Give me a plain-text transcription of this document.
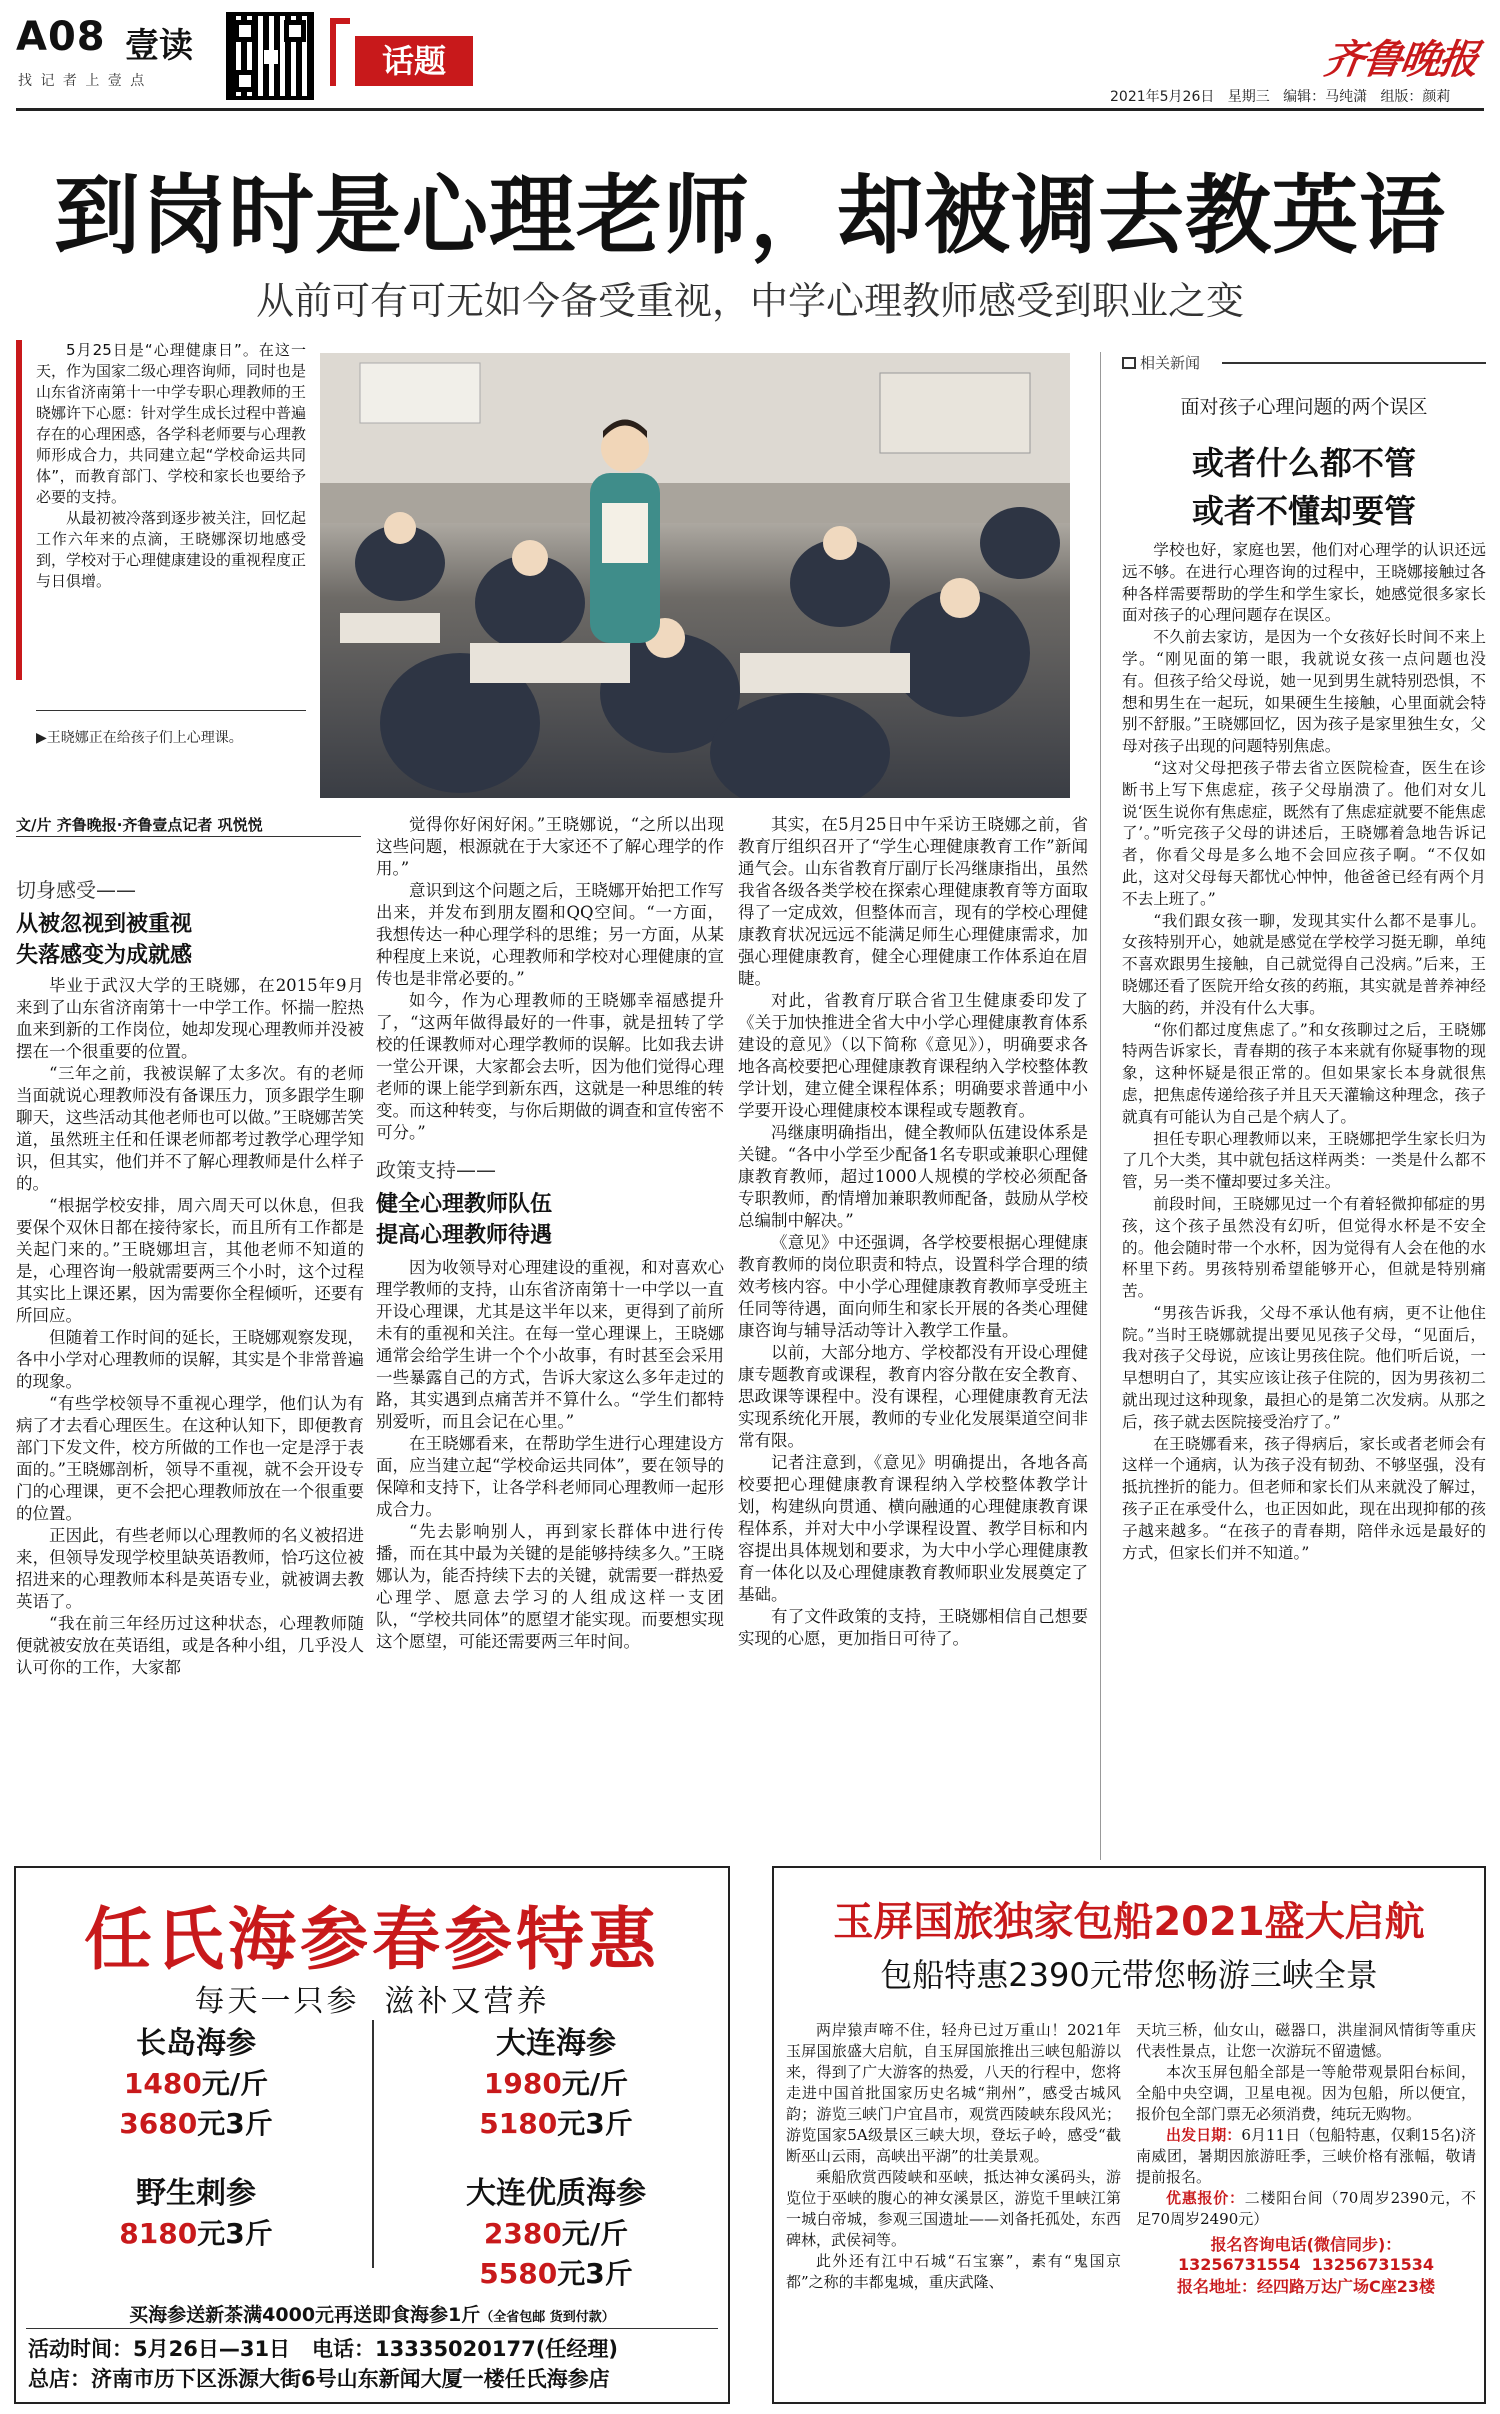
A08 壹读
找 记 者 上 壹 点
话题	齐鲁晚报
2021年5月26日 星期三 编辑：马纯潇 组版：颜莉
到岗时是心理老师，却被调去教英语
从前可有可无如今备受重视，中学心理教师感受到职业之变

5月25日是“心理健康日”。在这一天，作为国家二级心理咨询师，同时也是山东省济南第十一中学专职心理教师的王晓娜许下心愿：针对学生成长过程中普遍存在的心理困惑，各学科老师要与心理教师形成合力，共同建立起“学校命运共同体”，而教育部门、学校和家长也要给予必要的支持。

从最初被冷落到逐步被关注，回忆起工作六年来的点滴，王晓娜深切地感受到，学校对于心理健康建设的重视程度正与日俱增。

▶王晓娜正在给孩子们上心理课。
相关新闻
面对孩子心理问题的两个误区
或者什么都不管
或者不懂却要管

学校也好，家庭也罢，他们对心理学的认识还远远不够。在进行心理咨询的过程中，王晓娜接触过各种各样需要帮助的学生和学生家长，她感觉很多家长面对孩子的心理问题存在误区。

不久前去家访，是因为一个女孩好长时间不来上学。“刚见面的第一眼，我就说女孩一点问题也没有。但孩子给父母说，她一见到男生就特别恐惧，不想和男生在一起玩，如果硬生生接触，心里面就会特别不舒服。”王晓娜回忆，因为孩子是家里独生女，父母对孩子出现的问题特别焦虑。

“这对父母把孩子带去省立医院检查，医生在诊断书上写下焦虑症，孩子父母崩溃了。他们对女儿说‘医生说你有焦虑症，既然有了焦虑症就要不能焦虑了’。”听完孩子父母的讲述后，王晓娜着急地告诉记者，你看父母是多么地不会回应孩子啊。“不仅如此，这对父母每天都忧心忡忡，他爸爸已经有两个月不去上班了。”

“我们跟女孩一聊，发现其实什么都不是事儿。女孩特别开心，她就是感觉在学校学习挺无聊，单纯不喜欢跟男生接触，自己就觉得自己没病。”后来，王晓娜还看了医院开给女孩的药瓶，其实就是普养神经大脑的药，并没有什么大事。

“你们都过度焦虑了。”和女孩聊过之后，王晓娜特两告诉家长，青春期的孩子本来就有你疑事物的现象，这种怀疑是很正常的。但如果家长本身就很焦虑，把焦虑传递给孩子并且天天灌输这种理念，孩子就真有可能认为自己是个病人了。

担任专职心理教师以来，王晓娜把学生家长归为了几个大类，其中就包括这样两类：一类是什么都不管，另一类不懂却要过多关注。

前段时间，王晓娜见过一个有着轻微抑郁症的男孩，这个孩子虽然没有幻听，但觉得水杯是不安全的。他会随时带一个水杯，因为觉得有人会在他的水杯里下药。男孩特别希望能够开心，但就是特别痛苦。

“男孩告诉我，父母不承认他有病，更不让他住院。”当时王晓娜就提出要见见孩子父母，“见面后，我对孩子父母说，应该让男孩住院。他们听后说，一早想明白了，其实应该让孩子住院的，因为男孩初二就出现过这种现象，最担心的是第二次发病。从那之后，孩子就去医院接受治疗了。”

在王晓娜看来，孩子得病后，家长或者老师会有这样一个通病，认为孩子没有韧劲、不够坚强，没有抵抗挫折的能力。但老师和家长们从来就没了解过，孩子正在承受什么，也正因如此，现在出现抑郁的孩子越来越多。“在孩子的青春期，陪伴永远是最好的方式，但家长们并不知道。”

文/片 齐鲁晚报·齐鲁壹点记者 巩悦悦
切身感受——
从被忽视到被重视
失落感变为成就感

毕业于武汉大学的王晓娜，在2015年9月来到了山东省济南第十一中学工作。怀揣一腔热血来到新的工作岗位，她却发现心理教师并没被摆在一个很重要的位置。

“三年之前，我被误解了太多次。有的老师当面就说心理教师没有备课压力，顶多跟学生聊聊天，这些活动其他老师也可以做。”王晓娜苦笑道，虽然班主任和任课老师都考过教学心理学知识，但其实，他们并不了解心理教师是什么样子的。

“根据学校安排，周六周天可以休息，但我要保个双休日都在接待家长，而且所有工作都是关起门来的。”王晓娜坦言，其他老师不知道的是，心理咨询一般就需要两三个小时，这个过程其实比上课还累，因为需要你全程倾听，还要有所回应。

但随着工作时间的延长，王晓娜观察发现，各中小学对心理教师的误解，其实是个非常普遍的现象。

“有些学校领导不重视心理学，他们认为有病了才去看心理医生。在这种认知下，即便教育部门下发文件，校方所做的工作也一定是浮于表面的。”王晓娜剖析，领导不重视，就不会开设专门的心理课，更不会把心理教师放在一个很重要的位置。

正因此，有些老师以心理教师的名义被招进来，但领导发现学校里缺英语教师，恰巧这位被招进来的心理教师本科是英语专业，就被调去教英语了。

“我在前三年经历过这种状态，心理教师随便就被安放在英语组，或是各种小组，几乎没人认可你的工作，大家都

觉得你好闲好闲。”王晓娜说，“之所以出现这些问题，根源就在于大家还不了解心理学的作用。”

意识到这个问题之后，王晓娜开始把工作写出来，并发布到朋友圈和QQ空间。“一方面，我想传达一种心理学科的思维；另一方面，从某种程度上来说，心理教师和学校对心理健康的宣传也是非常必要的。”

如今，作为心理教师的王晓娜幸福感提升了，“这两年做得最好的一件事，就是扭转了学校的任课教师对心理学教师的误解。比如我去讲一堂公开课，大家都会去听，因为他们觉得心理老师的课上能学到新东西，这就是一种思维的转变。而这种转变，与你后期做的调查和宣传密不可分。”

政策支持——
健全心理教师队伍
提高心理教师待遇

因为收领导对心理建设的重视，和对喜欢心理学教师的支持，山东省济南第十一中学以一直开设心理课，尤其是这半年以来，更得到了前所未有的重视和关注。在每一堂心理课上，王晓娜通常会给学生讲一个个小故事，有时甚至会采用一些暴露自己的方式，告诉大家这么多年走过的路，其实遇到点痛苦并不算什么。“学生们都特别爱听，而且会记在心里。”

在王晓娜看来，在帮助学生进行心理建设方面，应当建立起“学校命运共同体”，要在领导的保障和支持下，让各学科老师同心理教师一起形成合力。

“先去影响别人，再到家长群体中进行传播，而在其中最为关键的是能够持续多久。”王晓娜认为，能否持续下去的关键，就需要一群热爱心理学、愿意去学习的人组成这样一支团队，“学校共同体”的愿望才能实现。而要想实现这个愿望，可能还需要两三年时间。

其实，在5月25日中午采访王晓娜之前，省教育厅组织召开了“学生心理健康教育工作”新闻通气会。山东省教育厅副厅长冯继康指出，虽然我省各级各类学校在探索心理健康教育等方面取得了一定成效，但整体而言，现有的学校心理健康教育状况远远不能满足师生心理健康需求，加强心理健康教育，健全心理健康工作体系迫在眉睫。

对此，省教育厅联合省卫生健康委印发了《关于加快推进全省大中小学心理健康教育体系建设的意见》（以下简称《意见》），明确要求各地各高校要把心理健康教育课程纳入学校整体教学计划，建立健全课程体系；明确要求普通中小学要开设心理健康校本课程或专题教育。

冯继康明确指出，健全教师队伍建设体系是关键。“各中小学至少配备1名专职或兼职心理健康教育教师，超过1000人规模的学校必须配备专职教师，酌情增加兼职教师配备，鼓励从学校总编制中解决。”

《意见》中还强调，各学校要根据心理健康教育教师的岗位职责和特点，设置科学合理的绩效考核内容。中小学心理健康教育教师享受班主任同等待遇，面向师生和家长开展的各类心理健康咨询与辅导活动等计入教学工作量。

以前，大部分地方、学校都没有开设心理健康专题教育或课程，教育内容分散在安全教育、思政课等课程中。没有课程，心理健康教育无法实现系统化开展，教师的专业化发展渠道空间非常有限。

记者注意到，《意见》明确提出，各地各高校要把心理健康教育课程纳入学校整体教学计划，构建纵向贯通、横向融通的心理健康教育课程体系，并对大中小学课程设置、教学目标和内容提出具体规划和要求，为大中小学心理健康教育一体化以及心理健康教育教师职业发展奠定了基础。

有了文件政策的支持，王晓娜相信自己想要实现的心愿，更加指日可待了。

任氏海参春参特惠
每天一只参  滋补又营养
长岛海参
1480元/斤
3680元3斤
大连海参
1980元/斤
5180元3斤
野生刺参
8180元3斤
大连优质海参
2380元/斤
5580元3斤
买海参送新茶满4000元再送即食海参1斤（全省包邮 货到付款）
活动时间：5月26日—31日 电话：13335020177(任经理)
总店：济南市历下区泺源大街6号山东新闻大厦一楼任氏海参店
玉屏国旅独家包船2021盛大启航
包船特惠2390元带您畅游三峡全景

两岸猿声啼不住，轻舟已过万重山！2021年玉屏国旅盛大启航，自玉屏国旅推出三峡包船游以来，得到了广大游客的热爱，八天的行程中，您将走进中国首批国家历史名城“荆州”，感受古城风韵；游览三峡门户宜昌市，观赏西陵峡东段风光；游览国家5A级景区三峡大坝，登坛子岭，感受“截断巫山云雨，高峡出平湖”的壮美景观。

乘船欣赏西陵峡和巫峡，抵达神女溪码头，游览位于巫峡的腹心的神女溪景区，游览千里峡江第一城白帝城，参观三国遗址——刘备托孤处，东西碑林，武侯祠等。

此外还有江中石城“石宝寨”，素有“鬼国京都”之称的丰都鬼城，重庆武隆、

天坑三桥，仙女山，磁器口，洪崖洞风情街等重庆代表性景点，让您一次游玩不留遗憾。

本次玉屏包船全部是一等舱带观景阳台标间，全船中央空调，卫星电视。因为包船，所以便宜，报价包全部门票无必须消费，纯玩无购物。

出发日期：6月11日（包船特惠，仅剩15名)济南威团，暑期因旅游旺季，三峡价格有涨幅，敬请提前报名。

优惠报价：二楼阳台间（70周岁2390元，不足70周岁2490元）

报名咨询电话(微信同步)：
13256731554  13256731534
报名地址：经四路万达广场C座23楼
